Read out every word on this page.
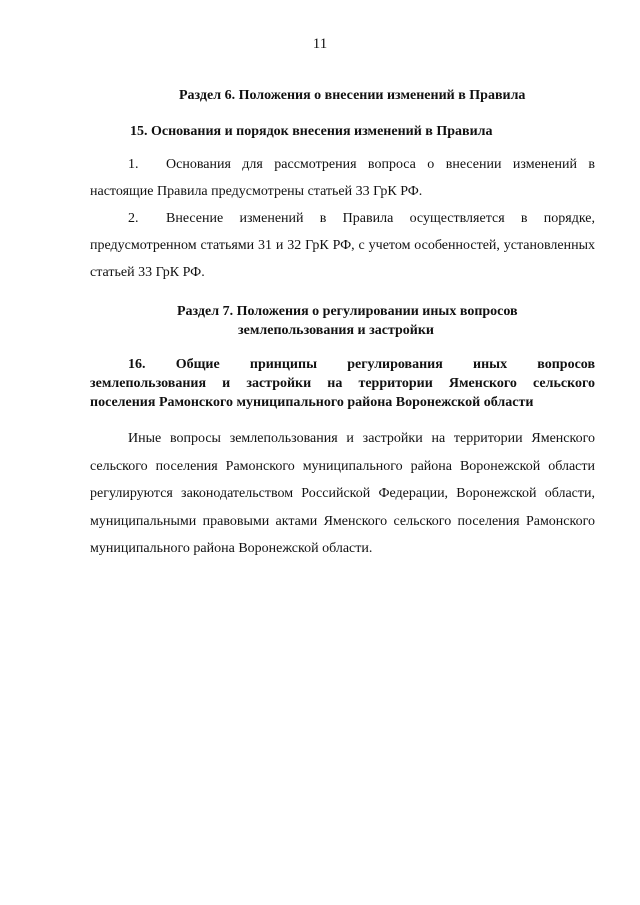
11
Раздел 6. Положения о внесении изменений в Правила
15. Основания и порядок внесения изменений в Правила
1. Основания для рассмотрения вопроса о внесении изменений в настоящие Правила предусмотрены статьей 33 ГрК РФ.
2. Внесение изменений в Правила осуществляется в порядке, предусмотренном статьями 31 и 32 ГрК РФ, с учетом особенностей, установленных статьей 33 ГрК РФ.
Раздел 7. Положения о регулировании иных вопросов
землепользования и застройки
16. Общие принципы регулирования иных вопросов
землепользования и застройки на территории Яменского сельского
поселения Рамонского муниципального района Воронежской области
Иные вопросы землепользования и застройки на территории Яменского сельского поселения Рамонского муниципального района Воронежской области регулируются законодательством Российской Федерации, Воронежской области, муниципальными правовыми актами Яменского сельского поселения Рамонского муниципального района Воронежской области.
